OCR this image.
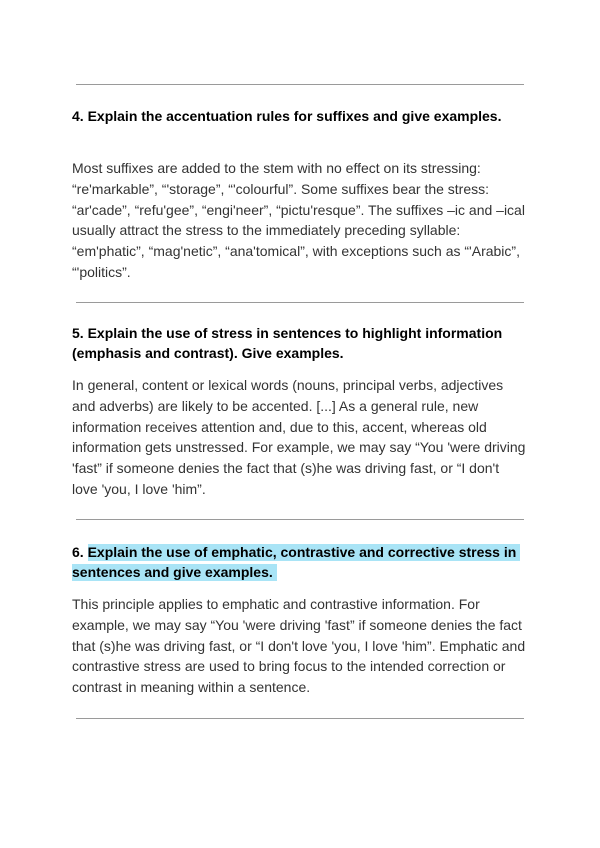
4. Explain the accentuation rules for suffixes and give examples.

Most suffixes are added to the stem with no effect on its stressing: “re'markable”, “'storage”, “'colourful”. Some suffixes bear the stress: “ar'cade”, “refu'gee”, “engi'neer”, “pictu'resque”. The suffixes –ic and –ical usually attract the stress to the immediately preceding syllable: “em'phatic”, “mag'netic”, “ana'tomical”, with exceptions such as “'Arabic”, “'politics”.

5. Explain the use of stress in sentences to highlight information (emphasis and contrast). Give examples.

In general, content or lexical words (nouns, principal verbs, adjectives and adverbs) are likely to be accented. [...] As a general rule, new information receives attention and, due to this, accent, whereas old information gets unstressed. For example, we may say “You 'were driving 'fast” if someone denies the fact that (s)he was driving fast, or “I don't love 'you, I love 'him”.

6. Explain the use of emphatic, contrastive and corrective stress in sentences and give examples.

This principle applies to emphatic and contrastive information. For example, we may say “You 'were driving 'fast” if someone denies the fact that (s)he was driving fast, or “I don't love 'you, I love 'him”. Emphatic and contrastive stress are used to bring focus to the intended correction or contrast in meaning within a sentence.
